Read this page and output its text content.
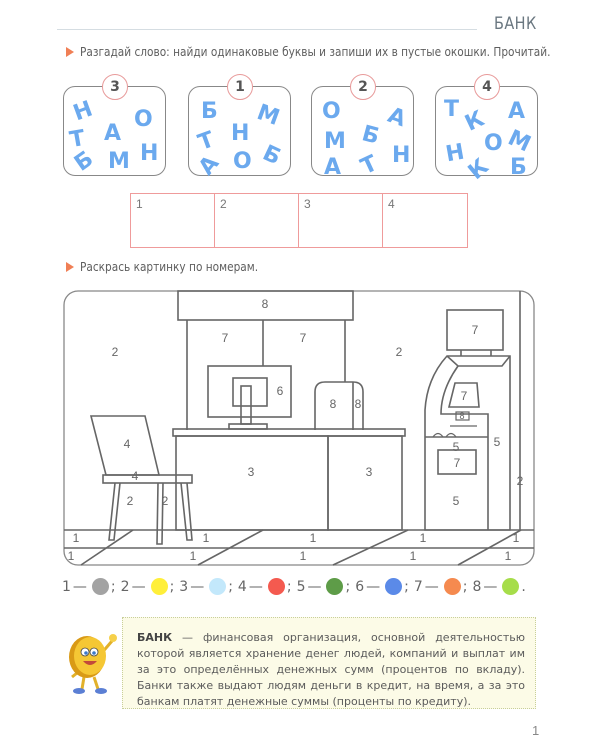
БАНК
Разгадай слово: найди одинаковые буквы и запиши их в пустые окошки. Прочитай.
3
Н О
Т А
Б М Н
1
Б М
Н
Т
А О Б
2
О А
М Б
А Т Н
4
Т К А
М
О
Н
К Б
1	2	3	4
Раскрась картинку по номерам.
2	2
2
8
7	7
6
8 8
4
4
2 2
3	3
7
7
8
5	5
7
5
1	1	1	1	1
1	1	1	1	1
1 — ; 2 — ; 3 — ; 4 — ; 5 — ; 6 — ; 7 — ; 8 — .

БАНК — финансовая организация, основной деятельностью которой является хранение денег людей, компаний и выплат им за это определённых денежных сумм (процентов по вкладу). Банки также выдают людям деньги в кредит, на время, а за это банкам платят денежные суммы (проценты по кредиту).

1
